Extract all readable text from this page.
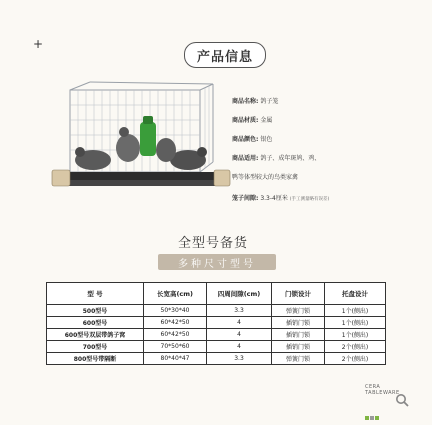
+
产品信息
商品名称: 鸽子笼
商品材质: 金属
商品颜色: 银色
商品适用: 鸽子、成年斑鸠、鸡、
鸭等体型较大的鸟类家禽
笼子间隙: 3.3-4厘米 (手工测量略有误差)
全型号备货
多种尺寸型号
型 号	长宽高(cm)	四周间隙(cm)	门锁设计	托盘设计
500型号	50*30*40	3.3	弹簧门锁	1个(侧出)
600型号	60*42*50	4	插销门锁	1个(侧出)
600型号双层带鸽子窝	60*42*50	4	插销门锁	1个(侧出)
700型号	70*50*60	4	插销门锁	2个(侧出)
800型号带隔断	80*40*47	3.3	弹簧门锁	2个(侧出)
CERA
TABLEWARE
